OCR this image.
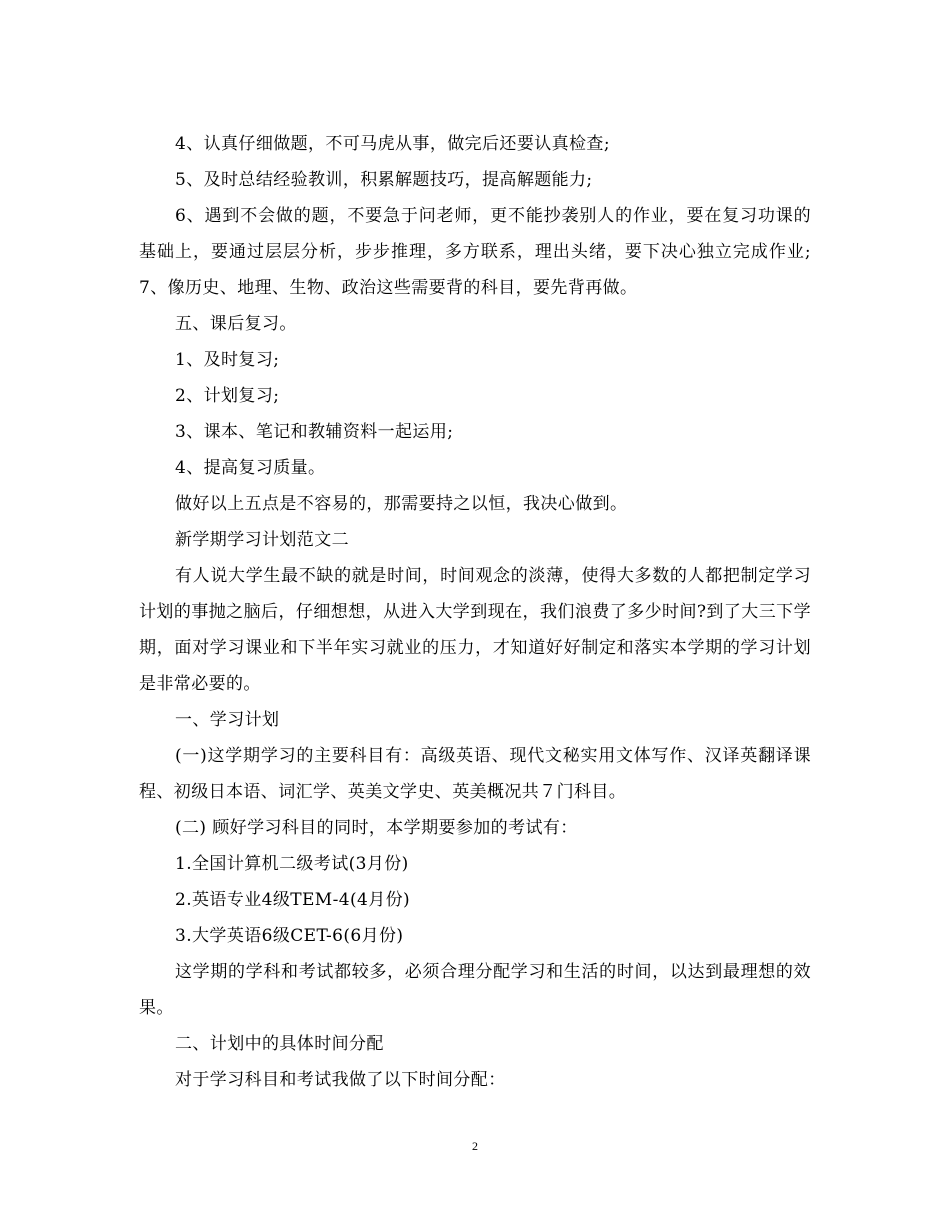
4、认真仔细做题，不可马虎从事，做完后还要认真检查;

5、及时总结经验教训，积累解题技巧，提高解题能力;

6、遇到不会做的题，不要急于问老师，更不能抄袭别人的作业，要在复习功课的基础上，要通过层层分析，步步推理，多方联系，理出头绪，要下决心独立完成作业;7、像历史、地理、生物、政治这些需要背的科目，要先背再做。

五、课后复习。

1、及时复习;

2、计划复习;

3、课本、笔记和教辅资料一起运用;

4、提高复习质量。

做好以上五点是不容易的，那需要持之以恒，我决心做到。

新学期学习计划范文二

有人说大学生最不缺的就是时间，时间观念的淡薄，使得大多数的人都把制定学习计划的事抛之脑后，仔细想想，从进入大学到现在，我们浪费了多少时间?到了大三下学期，面对学习课业和下半年实习就业的压力，才知道好好制定和落实本学期的学习计划是非常必要的。

一、学习计划

(一)这学期学习的主要科目有：高级英语、现代文秘实用文体写作、汉译英翻译课程、初级日本语、词汇学、英美文学史、英美概况共７门科目。

(二) 顾好学习科目的同时，本学期要参加的考试有：

1.全国计算机二级考试(3月份)

2.英语专业4级TEM-4(4月份)

3.大学英语6级CET-6(6月份)

这学期的学科和考试都较多，必须合理分配学习和生活的时间，以达到最理想的效果。

二、计划中的具体时间分配

对于学习科目和考试我做了以下时间分配：

2
